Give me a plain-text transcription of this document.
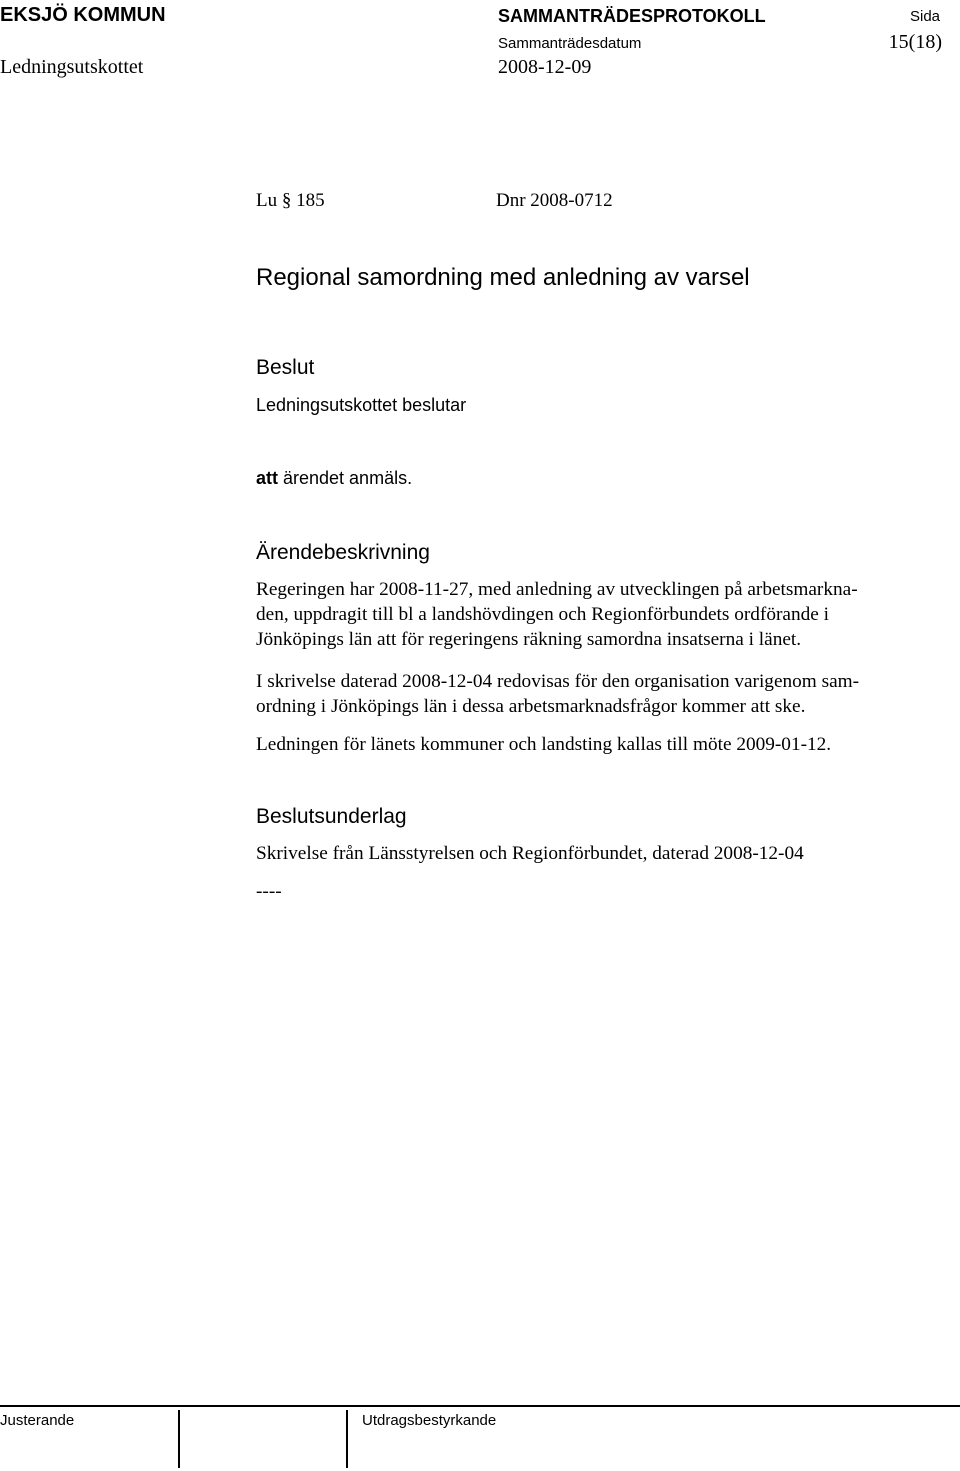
EKSJÖ KOMMUN	SAMMANTRÄDESPROTOKOLL	Sida
Sammanträdesdatum	15(18)
Ledningsutskottet	2008-12-09
Lu § 185	Dnr 2008-0712
Regional samordning med anledning av varsel
Beslut
Ledningsutskottet beslutar
att ärendet anmäls.
Ärendebeskrivning
Regeringen har 2008-11-27, med anledning av utvecklingen på arbetsmarkna-
den, uppdragit till bl a landshövdingen och Regionförbundets ordförande i
Jönköpings län att för regeringens räkning samordna insatserna i länet.
I skrivelse daterad 2008-12-04 redovisas för den organisation varigenom sam-
ordning i Jönköpings län i dessa arbetsmarknadsfrågor kommer att ske.
Ledningen för länets kommuner och landsting kallas till möte 2009-01-12.
Beslutsunderlag
Skrivelse från Länsstyrelsen och Regionförbundet, daterad 2008-12-04
----
Justerande	Utdragsbestyrkande
